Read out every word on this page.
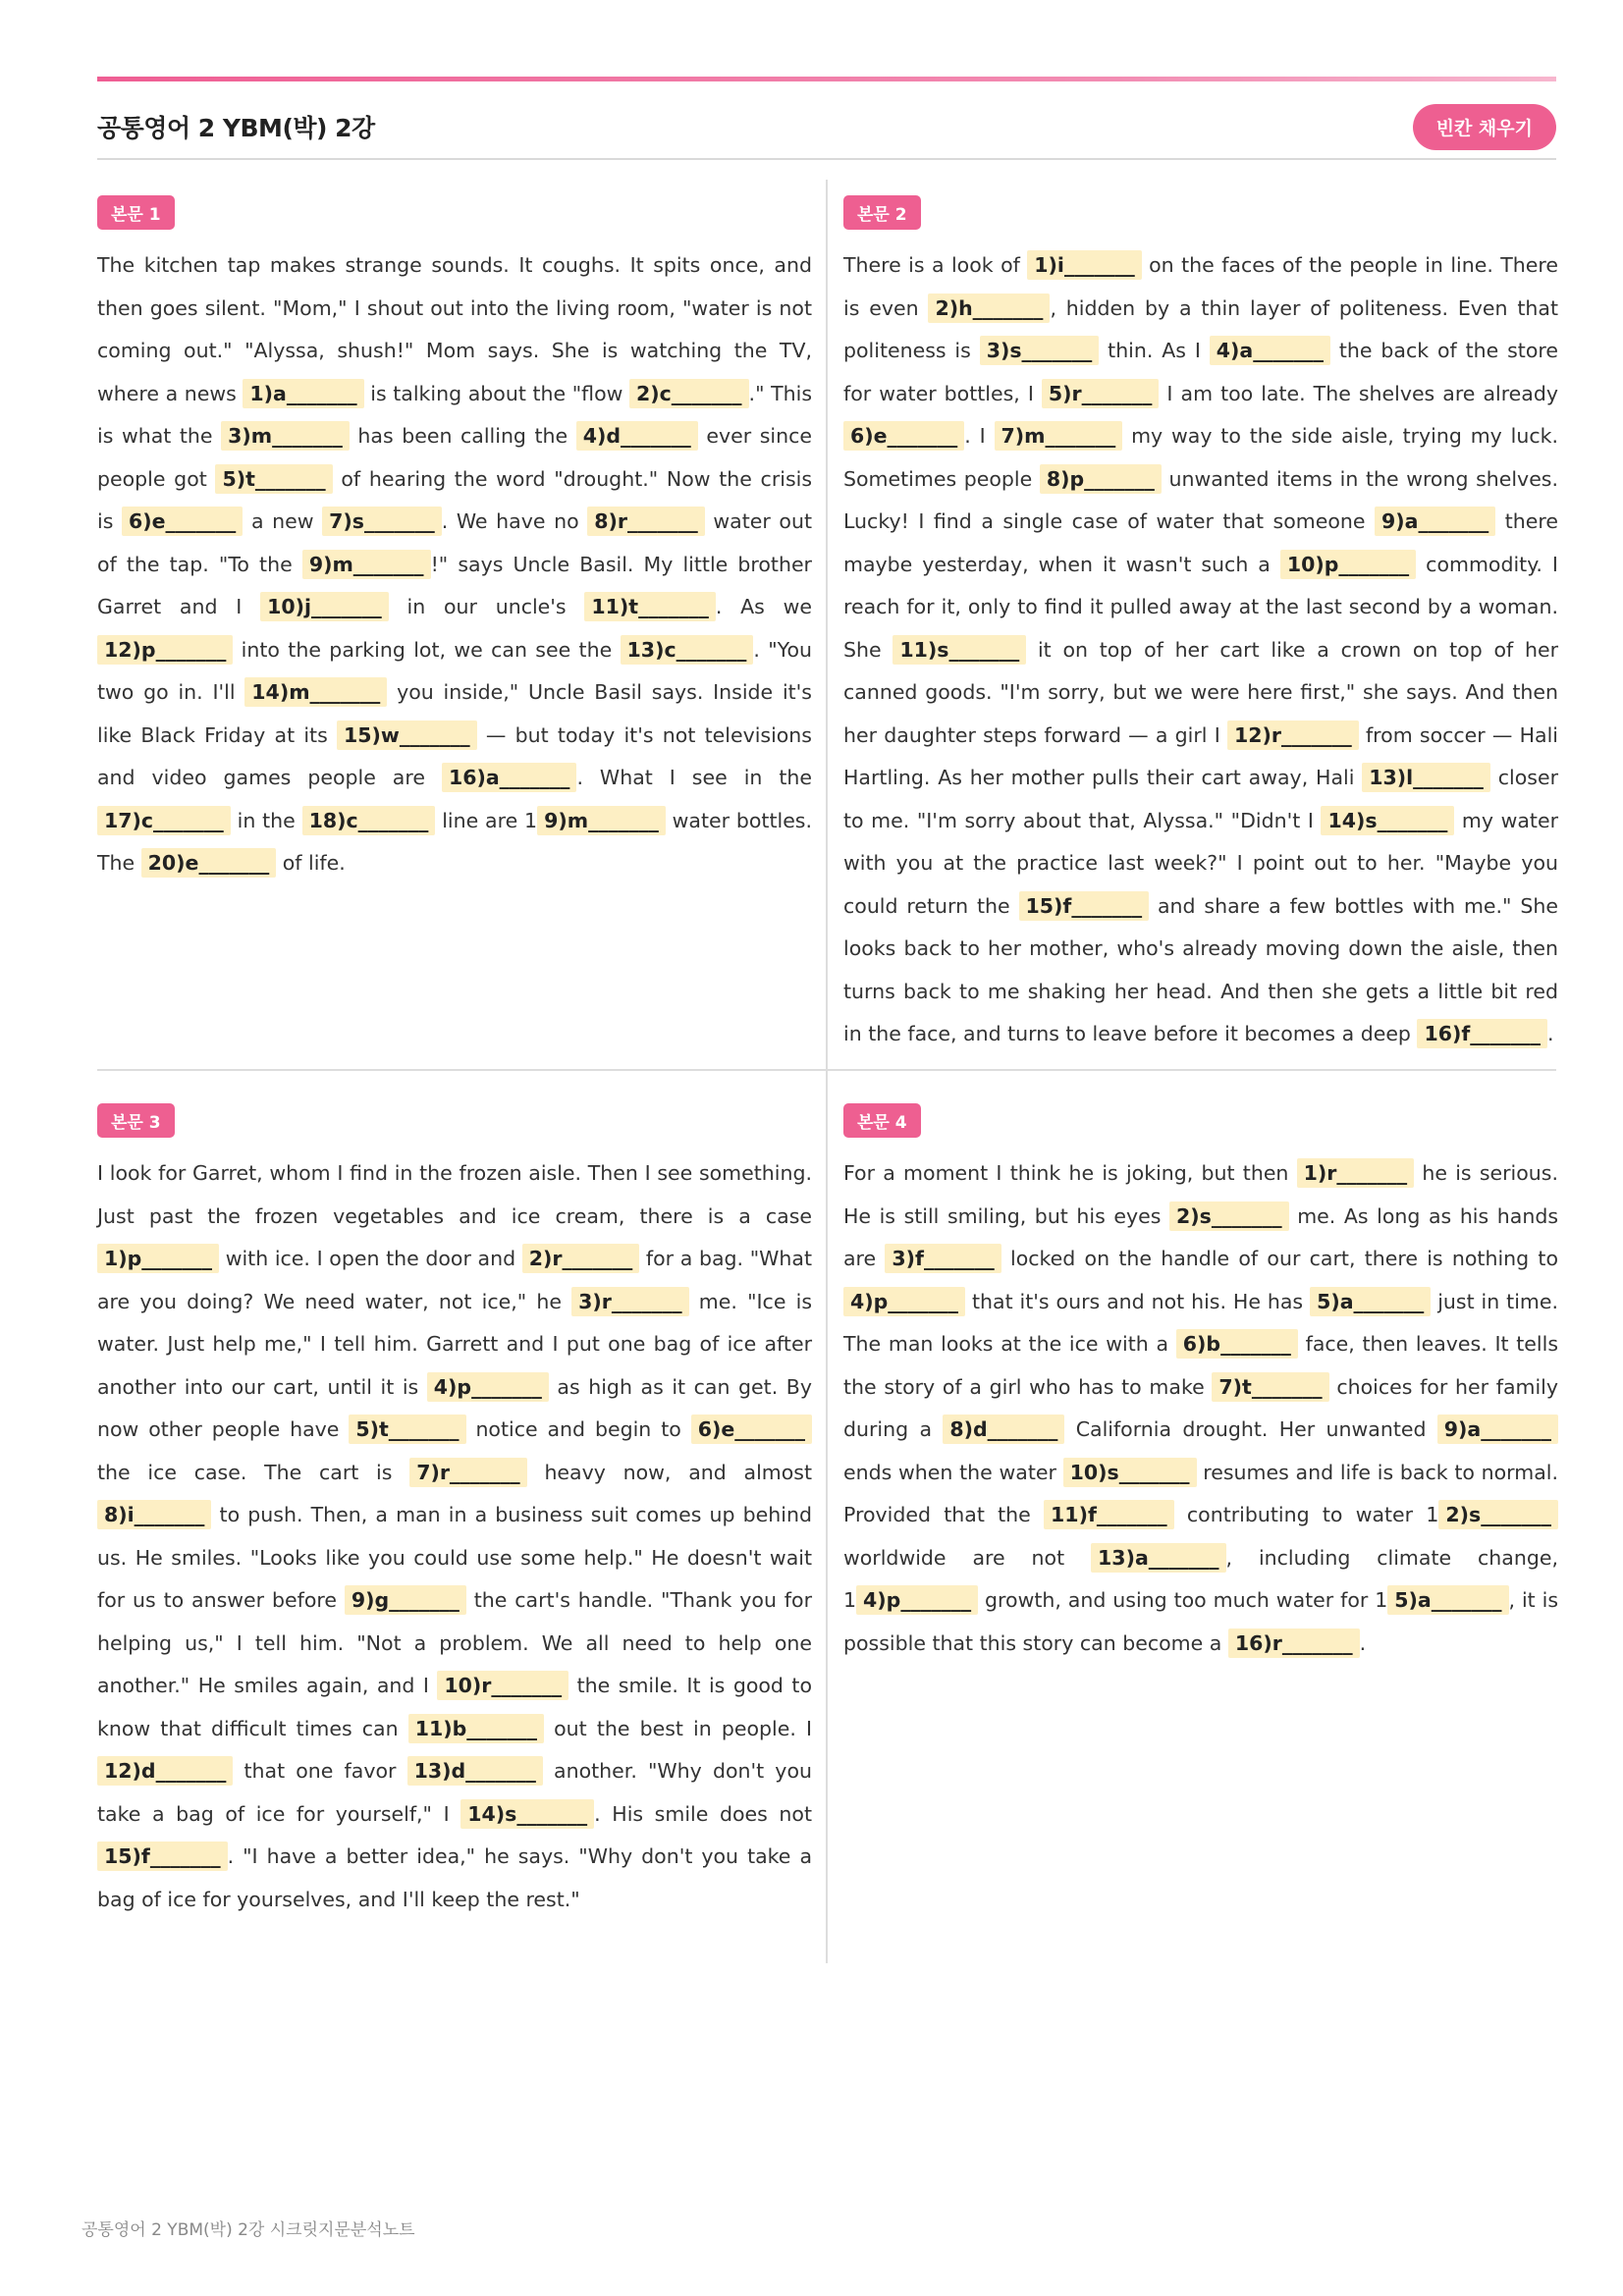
공통영어 2 YBM(박) 2강	빈칸 채우기
본문 1
The kitchen tap makes strange sounds. It coughs. It spits once, and then goes silent. "Mom," I shout out into the living room, "water is not coming out." "Alyssa, shush!" Mom says. She is watching the TV, where a news 1)a_______ is talking about the "flow 2)c_______ ." This is what the 3)m_______ has been calling the 4)d_______ ever since people got 5)t_______ of hearing the word "drought." Now the crisis is 6)e_______ a new 7)s_______ . We have no 8)r_______ water out of the tap. "To the 9)m_______ !" says Uncle Basil. My little brother Garret and I 10)j_______ in our uncle's 11)t_______ . As we 12)p_______ into the parking lot, we can see the 13)c_______ . "You two go in. I'll 14)m_______ you inside," Uncle Basil says. Inside it's like Black Friday at its 15)w_______ — but today it's not televisions and video games people are 16)a_______ . What I see in the 17)c_______ in the 18)c_______ line are 1 9)m_______ water bottles. The 20)e_______ of life.
본문 2
There is a look of 1)i_______ on the faces of the people in line. There is even 2)h_______ , hidden by a thin layer of politeness. Even that politeness is 3)s_______ thin. As I 4)a_______ the back of the store for water bottles, I 5)r_______ I am too late. The shelves are already 6)e_______ . I 7)m_______ my way to the side aisle, trying my luck. Sometimes people 8)p_______ unwanted items in the wrong shelves. Lucky! I find a single case of water that someone 9)a_______ there maybe yesterday, when it wasn't such a 10)p_______ commodity. I reach for it, only to find it pulled away at the last second by a woman. She 11)s_______ it on top of her cart like a crown on top of her canned goods. "I'm sorry, but we were here first," she says. And then her daughter steps forward — a girl I 12)r_______ from soccer — Hali Hartling. As her mother pulls their cart away, Hali 13)l_______ closer to me. "I'm sorry about that, Alyssa." "Didn't I 14)s_______ my water with you at the practice last week?" I point out to her. "Maybe you could return the 15)f_______ and share a few bottles with me." She looks back to her mother, who's already moving down the aisle, then turns back to me shaking her head. And then she gets a little bit red in the face, and turns to leave before it becomes a deep 16)f_______ .
본문 3
I look for Garret, whom I find in the frozen aisle. Then I see something. Just past the frozen vegetables and ice cream, there is a case 1)p_______ with ice. I open the door and 2)r_______ for a bag. "What are you doing? We need water, not ice," he 3)r_______ me. "Ice is water. Just help me," I tell him. Garrett and I put one bag of ice after another into our cart, until it is 4)p_______ as high as it can get. By now other people have 5)t_______ notice and begin to 6)e_______ the ice case. The cart is 7)r_______ heavy now, and almost 8)i_______ to push. Then, a man in a business suit comes up behind us. He smiles. "Looks like you could use some help." He doesn't wait for us to answer before 9)g_______ the cart's handle. "Thank you for helping us," I tell him. "Not a problem. We all need to help one another." He smiles again, and I 10)r_______ the smile. It is good to know that difficult times can 11)b_______ out the best in people. I 12)d_______ that one favor 13)d_______ another. "Why don't you take a bag of ice for yourself," I 14)s_______ . His smile does not 15)f_______ . "I have a better idea," he says. "Why don't you take a bag of ice for yourselves, and I'll keep the rest."
본문 4
For a moment I think he is joking, but then 1)r_______ he is serious. He is still smiling, but his eyes 2)s_______ me. As long as his hands are 3)f_______ locked on the handle of our cart, there is nothing to 4)p_______ that it's ours and not his. He has 5)a_______ just in time. The man looks at the ice with a 6)b_______ face, then leaves. It tells the story of a girl who has to make 7)t_______ choices for her family during a 8)d_______ California drought. Her unwanted 9)a_______ ends when the water 10)s_______ resumes and life is back to normal. Provided that the 11)f_______ contributing to water 1 2)s_______ worldwide are not 13)a_______ , including climate change, 1 4)p_______ growth, and using too much water for 1 5)a_______ , it is possible that this story can become a 16)r_______ .
공통영어 2 YBM(박) 2강 시크릿지문분석노트
